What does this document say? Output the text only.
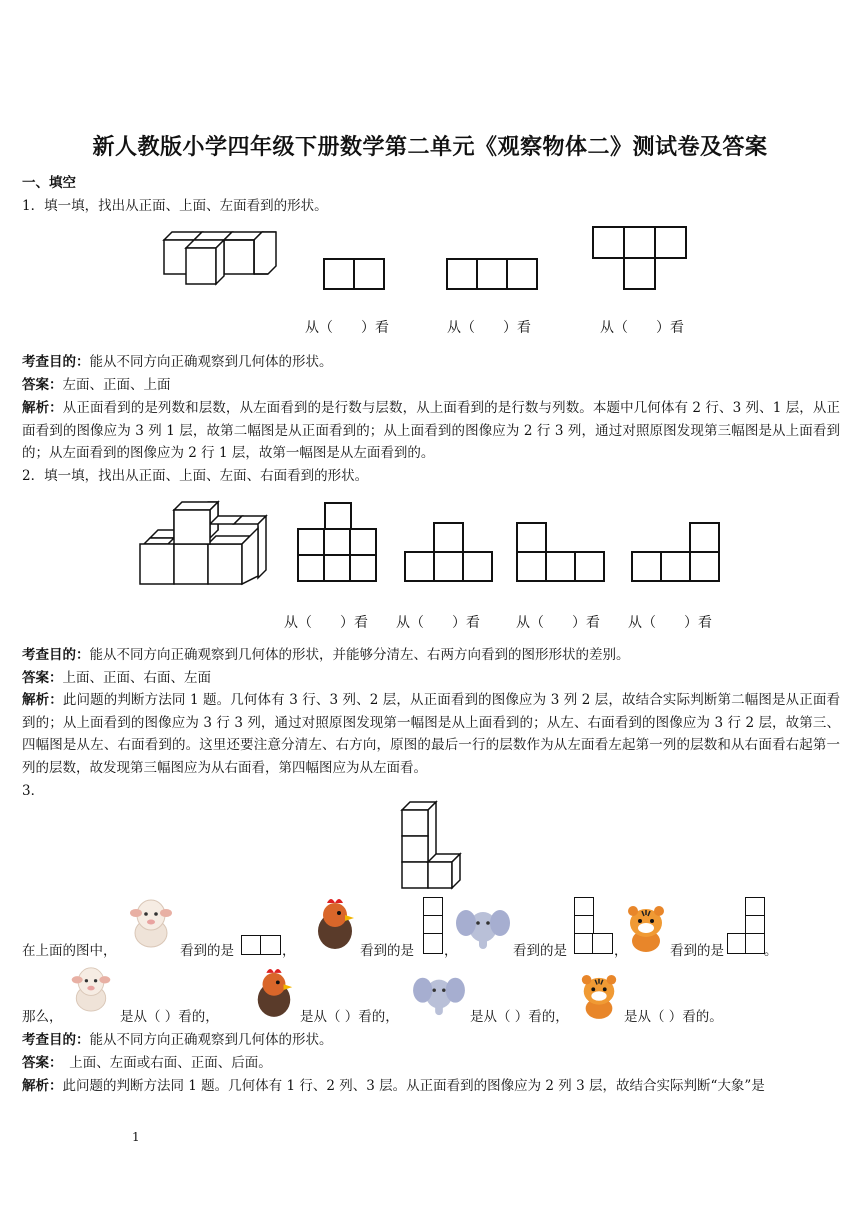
新人教版小学四年级下册数学第二单元《观察物体二》测试卷及答案
一、填空
1．填一填，找出从正面、上面、左面看到的形状。
从（　　）看	从（　　）看	从（　　）看
考查目的：能从不同方向正确观察到几何体的形状。
答案：左面、正面、上面
解析：从正面看到的是列数和层数，从左面看到的是行数与层数，从上面看到的是行数与列数。本题中几何体有 2 行、3 列、1 层，从正面看到的图像应为 3 列 1 层，故第二幅图是从正面看到的；从上面看到的图像应为 2 行 3 列，通过对照原图发现第三幅图是从上面看到的；从左面看到的图像应为 2 行 1 层，故第一幅图是从左面看到的。
2．填一填，找出从正面、上面、左面、右面看到的形状。
从（　　）看 从（　　）看	从（　　）看 从（　　）看
考查目的：能从不同方向正确观察到几何体的形状，并能够分清左、右两方向看到的图形形状的差别。
答案：上面、正面、右面、左面
解析：此问题的判断方法同 1 题。几何体有 3 行、3 列、2 层，从正面看到的图像应为 3 列 2 层，故结合实际判断第二幅图是从正面看到的；从上面看到的图像应为 3 行 3 列，通过对照原图发现第一幅图是从上面看到的；从左、右面看到的图像应为 3 行 2 层，故第三、四幅图是从左、右面看到的。这里还要注意分清左、右方向，原图的最后一行的层数作为从左面看左起第一列的层数和从右面看右起第一列的层数，故发现第三幅图应为从右面看，第四幅图应为从左面看。
3．
在上面的图中，	看到的是	，	看到的是	，	看到的是	，	看到的是	。
那么，	是从（ ）看的，	是从（ ）看的，	是从（ ）看的，	是从（ ）看的。
考查目的：能从不同方向正确观察到几何体的形状。
答案：　上面、左面或右面、正面、后面。
解析：此问题的判断方法同 1 题。几何体有 1 行、2 列、3 层。从正面看到的图像应为 2 列 3 层，故结合实际判断“大象”是
1
